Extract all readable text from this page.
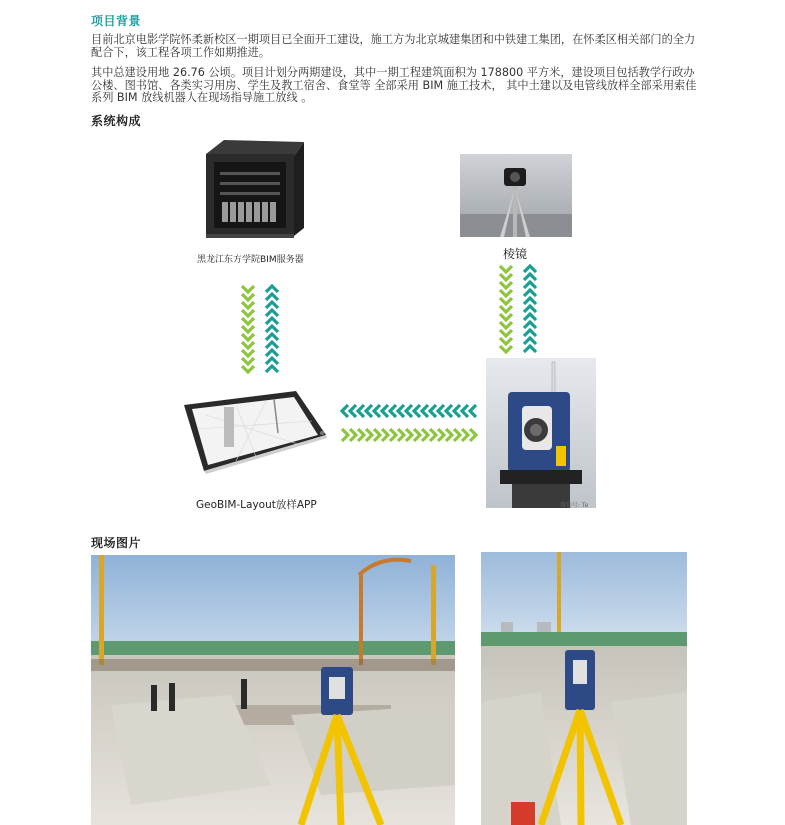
项目背景
目前北京电影学院怀柔新校区一期项目已全面开工建设，施工方为北京城建集团和中铁建工集团，在怀柔区相关部门的全力配合下，该工程各项工作如期推进。
其中总建设用地 26.76 公顷。项目计划分两期建设，其中一期工程建筑面积为 178800 平方米，建设项目包括教学行政办公楼、图书馆、各类实习用房、学生及教工宿舍、食堂等 全部采用 BIM 施工技术， 其中土建以及电管线放样全部采用索佳系列 BIM 放线机器人在现场指导施工放线 。
系统构成
黑龙江东方学院BIM服务器	棱镜
GeoBIM-Layout放样APP	微信号: Te
现场图片
